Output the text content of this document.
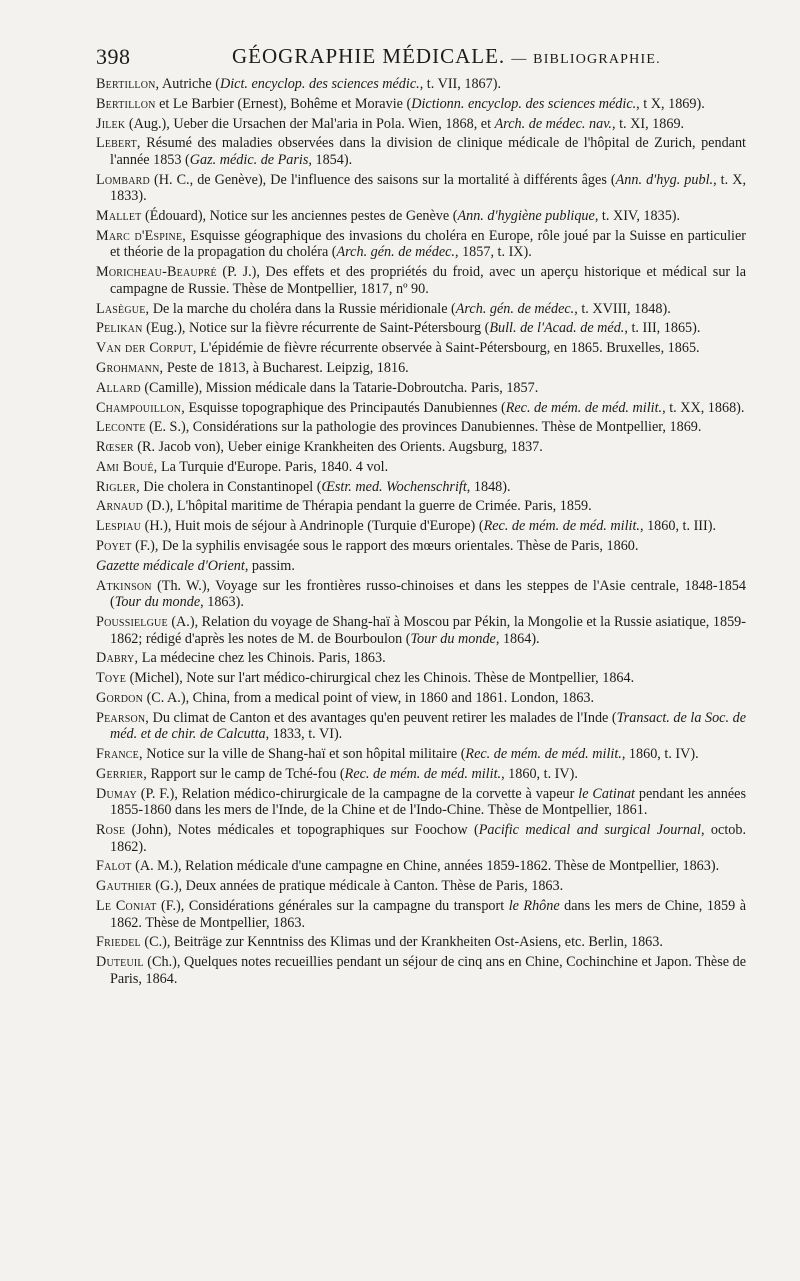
398	GÉOGRAPHIE MÉDICALE. — BIBLIOGRAPHIE.

Bertillon, Autriche (Dict. encyclop. des sciences médic., t. VII, 1867).

Bertillon et Le Barbier (Ernest), Bohême et Moravie (Dictionn. encyclop. des sciences médic., t X, 1869).

Jilek (Aug.), Ueber die Ursachen der Mal'aria in Pola. Wien, 1868, et Arch. de médec. nav., t. XI, 1869.

Lebert, Résumé des maladies observées dans la division de clinique médicale de l'hôpital de Zurich, pendant l'année 1853 (Gaz. médic. de Paris, 1854).

Lombard (H. C., de Genève), De l'influence des saisons sur la mortalité à différents âges (Ann. d'hyg. publ., t. X, 1833).

Mallet (Édouard), Notice sur les anciennes pestes de Genève (Ann. d'hygiène publique, t. XIV, 1835).

Marc d'Espine, Esquisse géographique des invasions du choléra en Europe, rôle joué par la Suisse en particulier et théorie de la propagation du choléra (Arch. gén. de médec., 1857, t. IX).

Moricheau-Beaupré (P. J.), Des effets et des propriétés du froid, avec un aperçu historique et médical sur la campagne de Russie. Thèse de Montpellier, 1817, nº 90.

Lasègue, De la marche du choléra dans la Russie méridionale (Arch. gén. de médec., t. XVIII, 1848).

Pelikan (Eug.), Notice sur la fièvre récurrente de Saint-Pétersbourg (Bull. de l'Acad. de méd., t. III, 1865).

Van der Corput, L'épidémie de fièvre récurrente observée à Saint-Pétersbourg, en 1865. Bruxelles, 1865.

Grohmann, Peste de 1813, à Bucharest. Leipzig, 1816.

Allard (Camille), Mission médicale dans la Tatarie-Dobroutcha. Paris, 1857.

Champouillon, Esquisse topographique des Principautés Danubiennes (Rec. de mém. de méd. milit., t. XX, 1868).

Leconte (E. S.), Considérations sur la pathologie des provinces Danubiennes. Thèse de Montpellier, 1869.

Rœser (R. Jacob von), Ueber einige Krankheiten des Orients. Augsburg, 1837.

Ami Boué, La Turquie d'Europe. Paris, 1840. 4 vol.

Rigler, Die cholera in Constantinopel (Œstr. med. Wochenschrift, 1848).

Arnaud (D.), L'hôpital maritime de Thérapia pendant la guerre de Crimée. Paris, 1859.

Lespiau (H.), Huit mois de séjour à Andrinople (Turquie d'Europe) (Rec. de mém. de méd. milit., 1860, t. III).

Poyet (F.), De la syphilis envisagée sous le rapport des mœurs orientales. Thèse de Paris, 1860.

Gazette médicale d'Orient, passim.

Atkinson (Th. W.), Voyage sur les frontières russo-chinoises et dans les steppes de l'Asie centrale, 1848-1854 (Tour du monde, 1863).

Poussielgue (A.), Relation du voyage de Shang-haï à Moscou par Pékin, la Mongolie et la Russie asiatique, 1859-1862; rédigé d'après les notes de M. de Bourboulon (Tour du monde, 1864).

Dabry, La médecine chez les Chinois. Paris, 1863.

Toye (Michel), Note sur l'art médico-chirurgical chez les Chinois. Thèse de Montpellier, 1864.

Gordon (C. A.), China, from a medical point of view, in 1860 and 1861. London, 1863.

Pearson, Du climat de Canton et des avantages qu'en peuvent retirer les malades de l'Inde (Transact. de la Soc. de méd. et de chir. de Calcutta, 1833, t. VI).

France, Notice sur la ville de Shang-haï et son hôpital militaire (Rec. de mém. de méd. milit., 1860, t. IV).

Gerrier, Rapport sur le camp de Tché-fou (Rec. de mém. de méd. milit., 1860, t. IV).

Dumay (P. F.), Relation médico-chirurgicale de la campagne de la corvette à vapeur le Catinat pendant les années 1855-1860 dans les mers de l'Inde, de la Chine et de l'Indo-Chine. Thèse de Montpellier, 1861.

Rose (John), Notes médicales et topographiques sur Foochow (Pacific medical and surgical Journal, octob. 1862).

Falot (A. M.), Relation médicale d'une campagne en Chine, années 1859-1862. Thèse de Montpellier, 1863).

Gauthier (G.), Deux années de pratique médicale à Canton. Thèse de Paris, 1863.

Le Coniat (F.), Considérations générales sur la campagne du transport le Rhône dans les mers de Chine, 1859 à 1862. Thèse de Montpellier, 1863.

Friedel (C.), Beiträge zur Kenntniss des Klimas und der Krankheiten Ost-Asiens, etc. Berlin, 1863.

Duteuil (Ch.), Quelques notes recueillies pendant un séjour de cinq ans en Chine, Cochinchine et Japon. Thèse de Paris, 1864.
